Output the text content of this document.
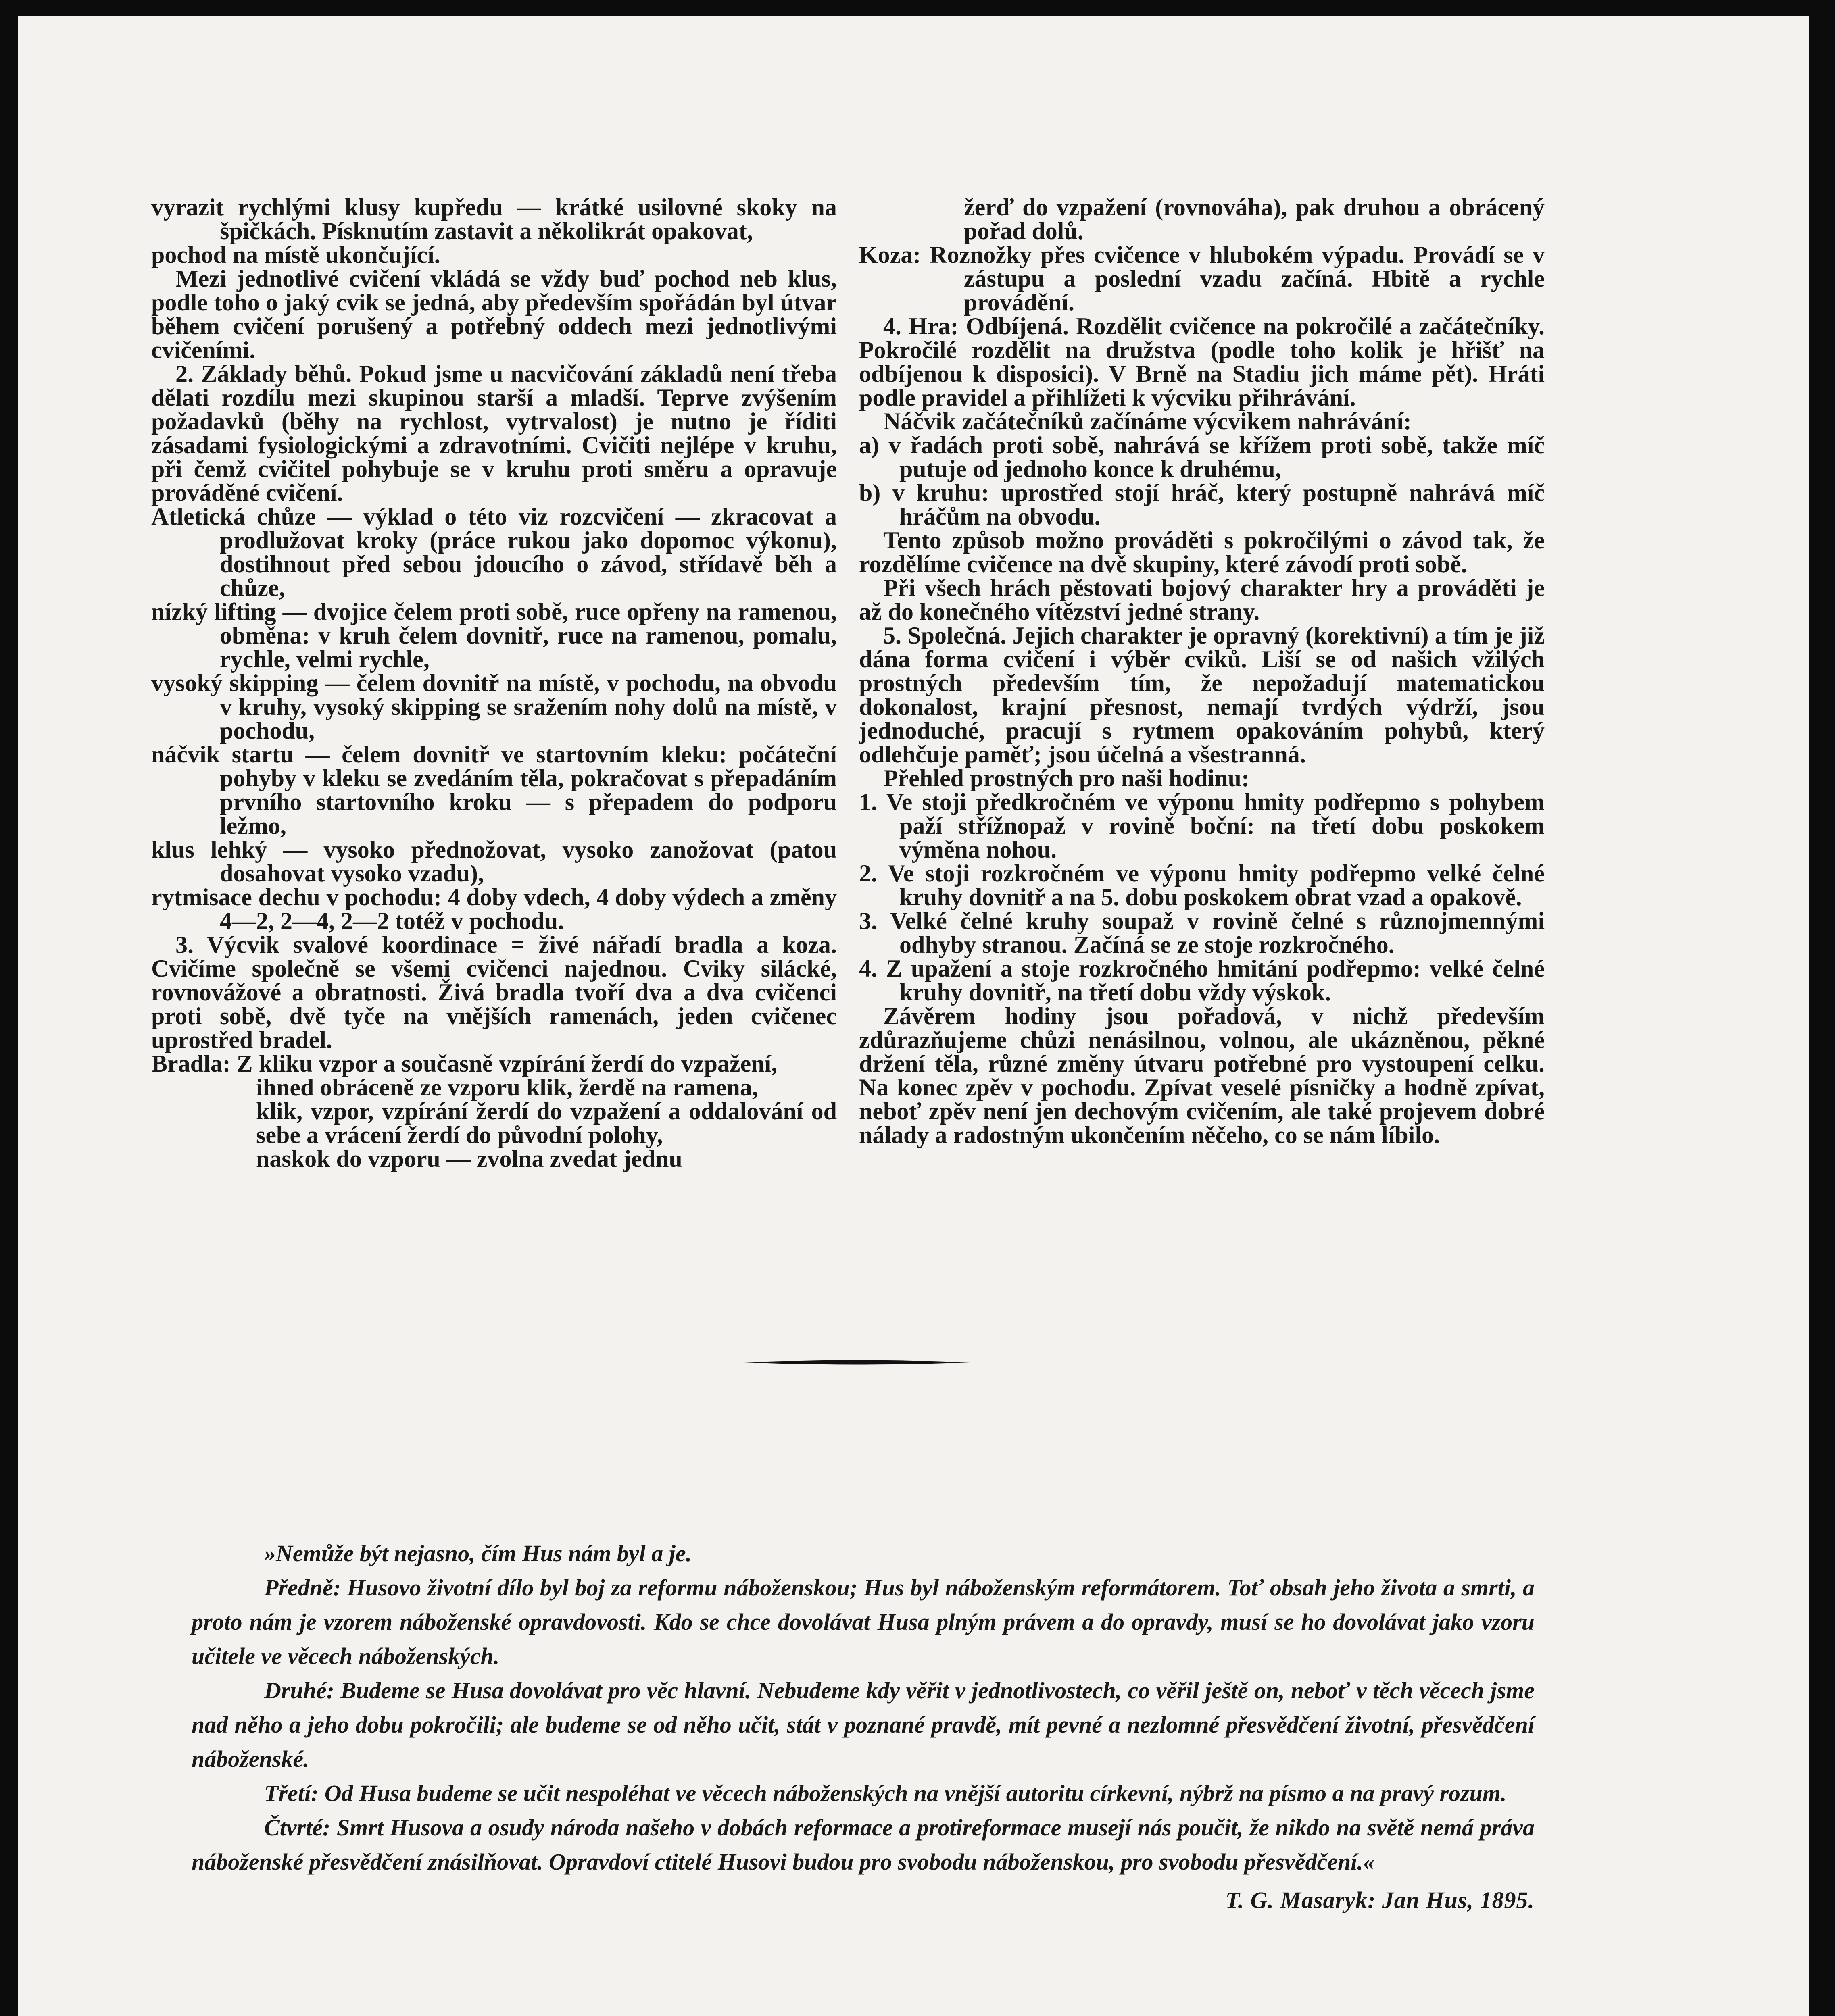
vyrazit rychlými klusy kupředu — krátké usilovné skoky na špičkách. Písknutím zastavit a několikrát opakovat,

pochod na místě ukončující.

Mezi jednotlivé cvičení vkládá se vždy buď pochod neb klus, podle toho o jaký cvik se jedná, aby především spořádán byl útvar během cvičení porušený a potřebný oddech mezi jednotlivými cvičeními.

2. Základy běhů. Pokud jsme u nacvičování základů není třeba dělati rozdílu mezi skupinou starší a mladší. Teprve zvýšením požadavků (běhy na rychlost, vytrvalost) je nutno je říditi zásadami fysiologickými a zdravotními. Cvičiti nejlépe v kruhu, při čemž cvičitel pohybuje se v kruhu proti směru a opravuje prováděné cvičení.

Atletická chůze — výklad o této viz rozcvičení — zkracovat a prodlužovat kroky (práce rukou jako dopomoc výkonu), dostihnout před sebou jdoucího o závod, střídavě běh a chůze,

nízký lifting — dvojice čelem proti sobě, ruce opřeny na ramenou, obměna: v kruh čelem dovnitř, ruce na ramenou, pomalu, rychle, velmi rychle,

vysoký skipping — čelem dovnitř na místě, v pochodu, na obvodu v kruhy, vysoký skipping se sražením nohy dolů na místě, v pochodu,

náčvik startu — čelem dovnitř ve startovním kleku: počáteční pohyby v kleku se zvedáním těla, pokračovat s přepadáním prvního startovního kroku — s přepadem do podporu ležmo,

klus lehký — vysoko přednožovat, vysoko zanožovat (patou dosahovat vysoko vzadu),

rytmisace dechu v pochodu: 4 doby vdech, 4 doby výdech a změny 4—2, 2—4, 2—2 totéž v pochodu.

3. Výcvik svalové koordinace = živé nářadí bradla a koza. Cvičíme společně se všemi cvičenci najednou. Cviky silácké, rovnovážové a obratnosti. Živá bradla tvoří dva a dva cvičenci proti sobě, dvě tyče na vnějších ramenách, jeden cvičenec uprostřed bradel.

Bradla: Z kliku vzpor a současně vzpírání žerdí do vzpažení,

ihned obráceně ze vzporu klik, žerdě na ramena,

klik, vzpor, vzpírání žerdí do vzpažení a oddalování od sebe a vrácení žerdí do původní polohy,

naskok do vzporu — zvolna zvedat jednu

žerď do vzpažení (rovnováha), pak druhou a obrácený pořad dolů.

Koza: Roznožky přes cvičence v hlubokém výpadu. Provádí se v zástupu a poslední vzadu začíná. Hbitě a rychle provádění.

4. Hra: Odbíjená. Rozdělit cvičence na pokročilé a začátečníky. Pokročilé rozdělit na družstva (podle toho kolik je hřišť na odbíjenou k disposici). V Brně na Stadiu jich máme pět). Hráti podle pravidel a přihlížeti k výcviku přihrávání.

Náčvik začátečníků začínáme výcvikem nahrávání:

a) v řadách proti sobě, nahrává se křížem proti sobě, takže míč putuje od jednoho konce k druhému,

b) v kruhu: uprostřed stojí hráč, který postupně nahrává míč hráčům na obvodu.

Tento způsob možno prováděti s pokročilými o závod tak, že rozdělíme cvičence na dvě skupiny, které závodí proti sobě.

Při všech hrách pěstovati bojový charakter hry a prováděti je až do konečného vítězství jedné strany.

5. Společná. Jejich charakter je opravný (korektivní) a tím je již dána forma cvičení i výběr cviků. Liší se od našich vžilých prostných především tím, že nepožadují matematickou dokonalost, krajní přesnost, nemají tvrdých výdrží, jsou jednoduché, pracují s rytmem opakováním pohybů, který odlehčuje paměť; jsou účelná a všestranná.

Přehled prostných pro naši hodinu:

1. Ve stoji předkročném ve výponu hmity podřepmo s pohybem paží střížnopaž v rovině boční: na třetí dobu poskokem výměna nohou.

2. Ve stoji rozkročném ve výponu hmity podřepmo velké čelné kruhy dovnitř a na 5. dobu poskokem obrat vzad a opakově.

3. Velké čelné kruhy soupaž v rovině čelné s různojmennými odhyby stranou. Začíná se ze stoje rozkročného.

4. Z upažení a stoje rozkročného hmitání podřepmo: velké čelné kruhy dovnitř, na třetí dobu vždy výskok.

Závěrem hodiny jsou pořadová, v nichž především zdůrazňujeme chůzi nenásilnou, volnou, ale ukázněnou, pěkné držení těla, různé změny útvaru potřebné pro vystoupení celku. Na konec zpěv v pochodu. Zpívat veselé písničky a hodně zpívat, neboť zpěv není jen dechovým cvičením, ale také projevem dobré nálady a radostným ukončením něčeho, co se nám líbilo.

»Nemůže být nejasno, čím Hus nám byl a je.

Předně: Husovo životní dílo byl boj za reformu náboženskou; Hus byl náboženským reformátorem. Toť obsah jeho života a smrti, a proto nám je vzorem náboženské opravdovosti. Kdo se chce dovolávat Husa plným právem a do opravdy, musí se ho dovolávat jako vzoru učitele ve věcech náboženských.

Druhé: Budeme se Husa dovolávat pro věc hlavní. Nebudeme kdy věřit v jednotlivostech, co věřil ještě on, neboť v těch věcech jsme nad něho a jeho dobu pokročili; ale budeme se od něho učit, stát v poznané pravdě, mít pevné a nezlomné přesvědčení životní, přesvědčení náboženské.

Třetí: Od Husa budeme se učit nespoléhat ve věcech náboženských na vnější autoritu církevní, nýbrž na písmo a na pravý rozum.

Čtvrté: Smrt Husova a osudy národa našeho v dobách reformace a protireformace musejí nás poučit, že nikdo na světě nemá práva náboženské přesvědčení znásilňovat. Opravdoví ctitelé Husovi budou pro svobodu náboženskou, pro svobodu přesvědčení.«

T. G. Masaryk: Jan Hus, 1895.
